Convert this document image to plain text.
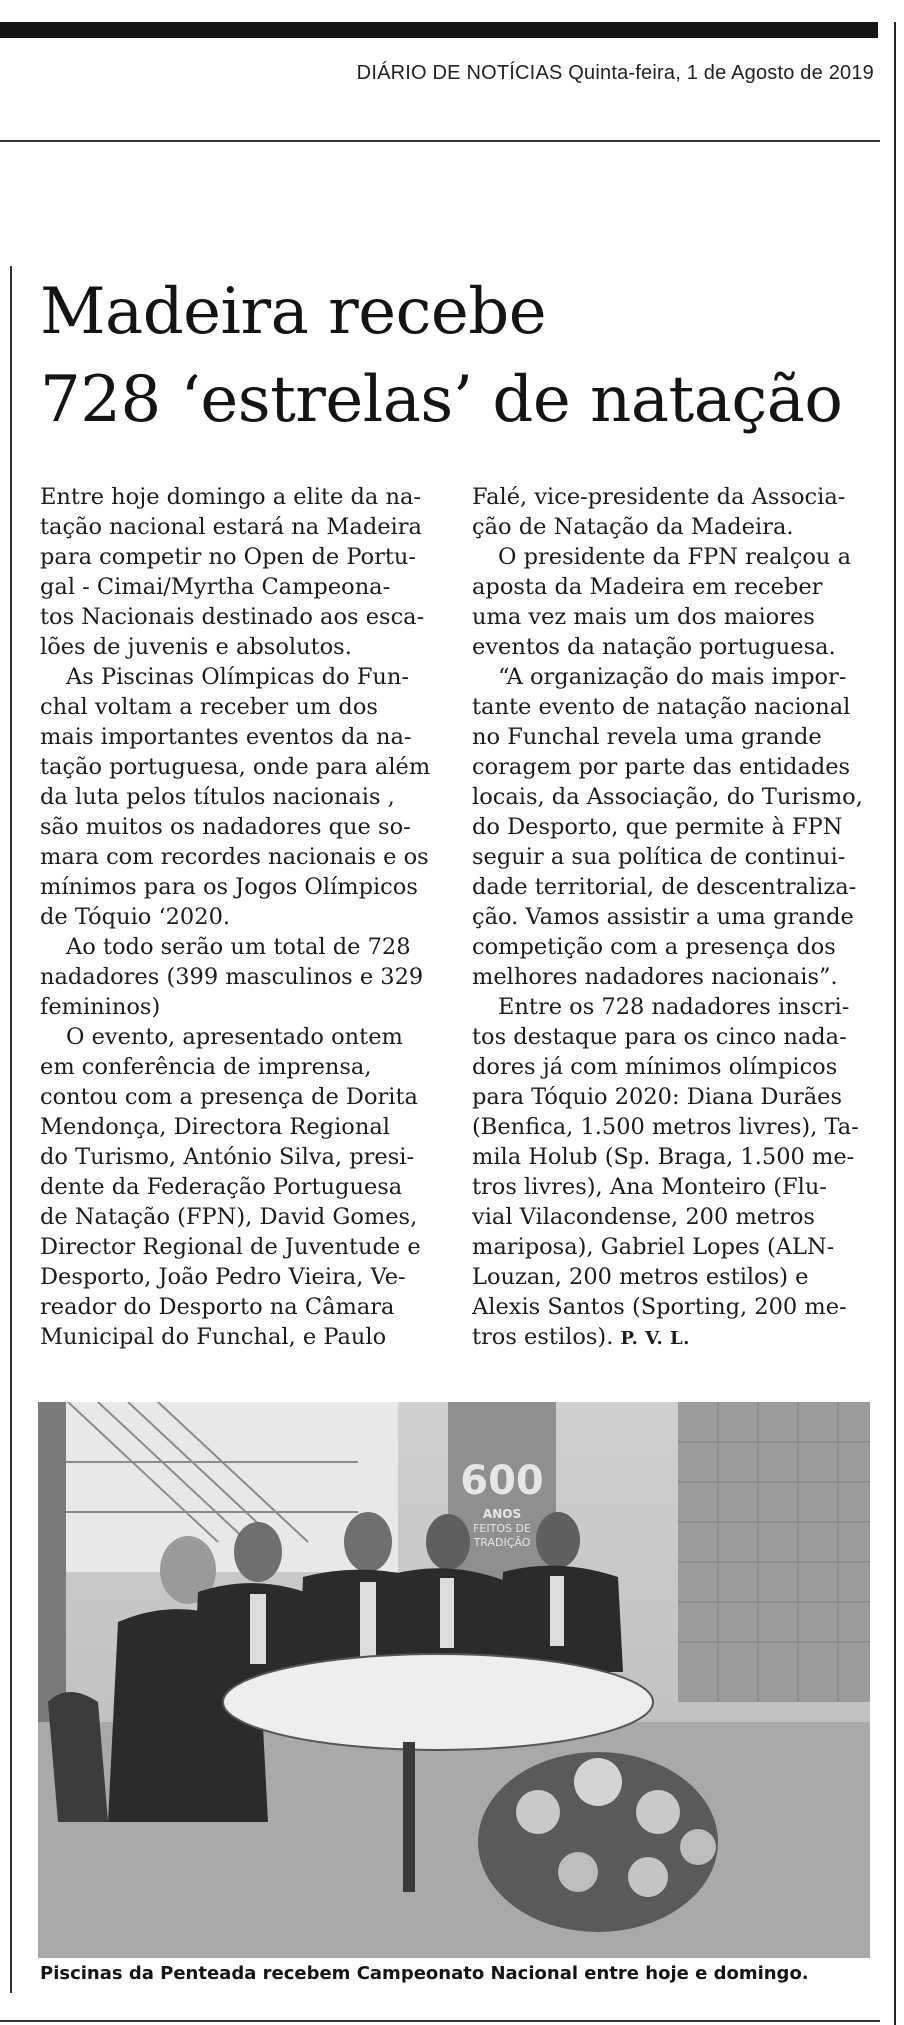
DIÁRIO DE NOTÍCIAS Quinta-feira, 1 de Agosto de 2019
Madeira recebe
728 ‘estrelas’ de natação
Entre hoje domingo a elite da na-
tação nacional estará na Madeira
para competir no Open de Portu-
gal - Cimai/Myrtha Campeona-
tos Nacionais destinado aos esca-
lões de juvenis e absolutos.
As Piscinas Olímpicas do Fun-
chal voltam a receber um dos
mais importantes eventos da na-
tação portuguesa, onde para além
da luta pelos títulos nacionais ,
são muitos os nadadores que so-
mara com recordes nacionais e os
mínimos para os Jogos Olímpicos
de Tóquio ‘2020.
Ao todo serão um total de 728
nadadores (399 masculinos e 329
femininos)
O evento, apresentado ontem
em conferência de imprensa,
contou com a presença de Dorita
Mendonça, Directora Regional
do Turismo, António Silva, presi-
dente da Federação Portuguesa
de Natação (FPN), David Gomes,
Director Regional de Juventude e
Desporto, João Pedro Vieira, Ve-
reador do Desporto na Câmara
Municipal do Funchal, e Paulo
Falé, vice-presidente da Associa-
ção de Natação da Madeira.
O presidente da FPN realçou a
aposta da Madeira em receber
uma vez mais um dos maiores
eventos da natação portuguesa.
“A organização do mais impor-
tante evento de natação nacional
no Funchal revela uma grande
coragem por parte das entidades
locais, da Associação, do Turismo,
do Desporto, que permite à FPN
seguir a sua política de continui-
dade territorial, de descentraliza-
ção. Vamos assistir a uma grande
competição com a presença dos
melhores nadadores nacionais”.
Entre os 728 nadadores inscri-
tos destaque para os cinco nada-
dores já com mínimos olímpicos
para Tóquio 2020: Diana Durães
(Benfica, 1.500 metros livres), Ta-
mila Holub (Sp. Braga, 1.500 me-
tros livres), Ana Monteiro (Flu-
vial Vilacondense, 200 metros
mariposa), Gabriel Lopes (ALN-
Louzan, 200 metros estilos) e
Alexis Santos (Sporting, 200 me-
tros estilos). P. V. L.
600
ANOS
FEITOS DE
TRADIÇÃO
Piscinas da Penteada recebem Campeonato Nacional entre hoje e domingo.
